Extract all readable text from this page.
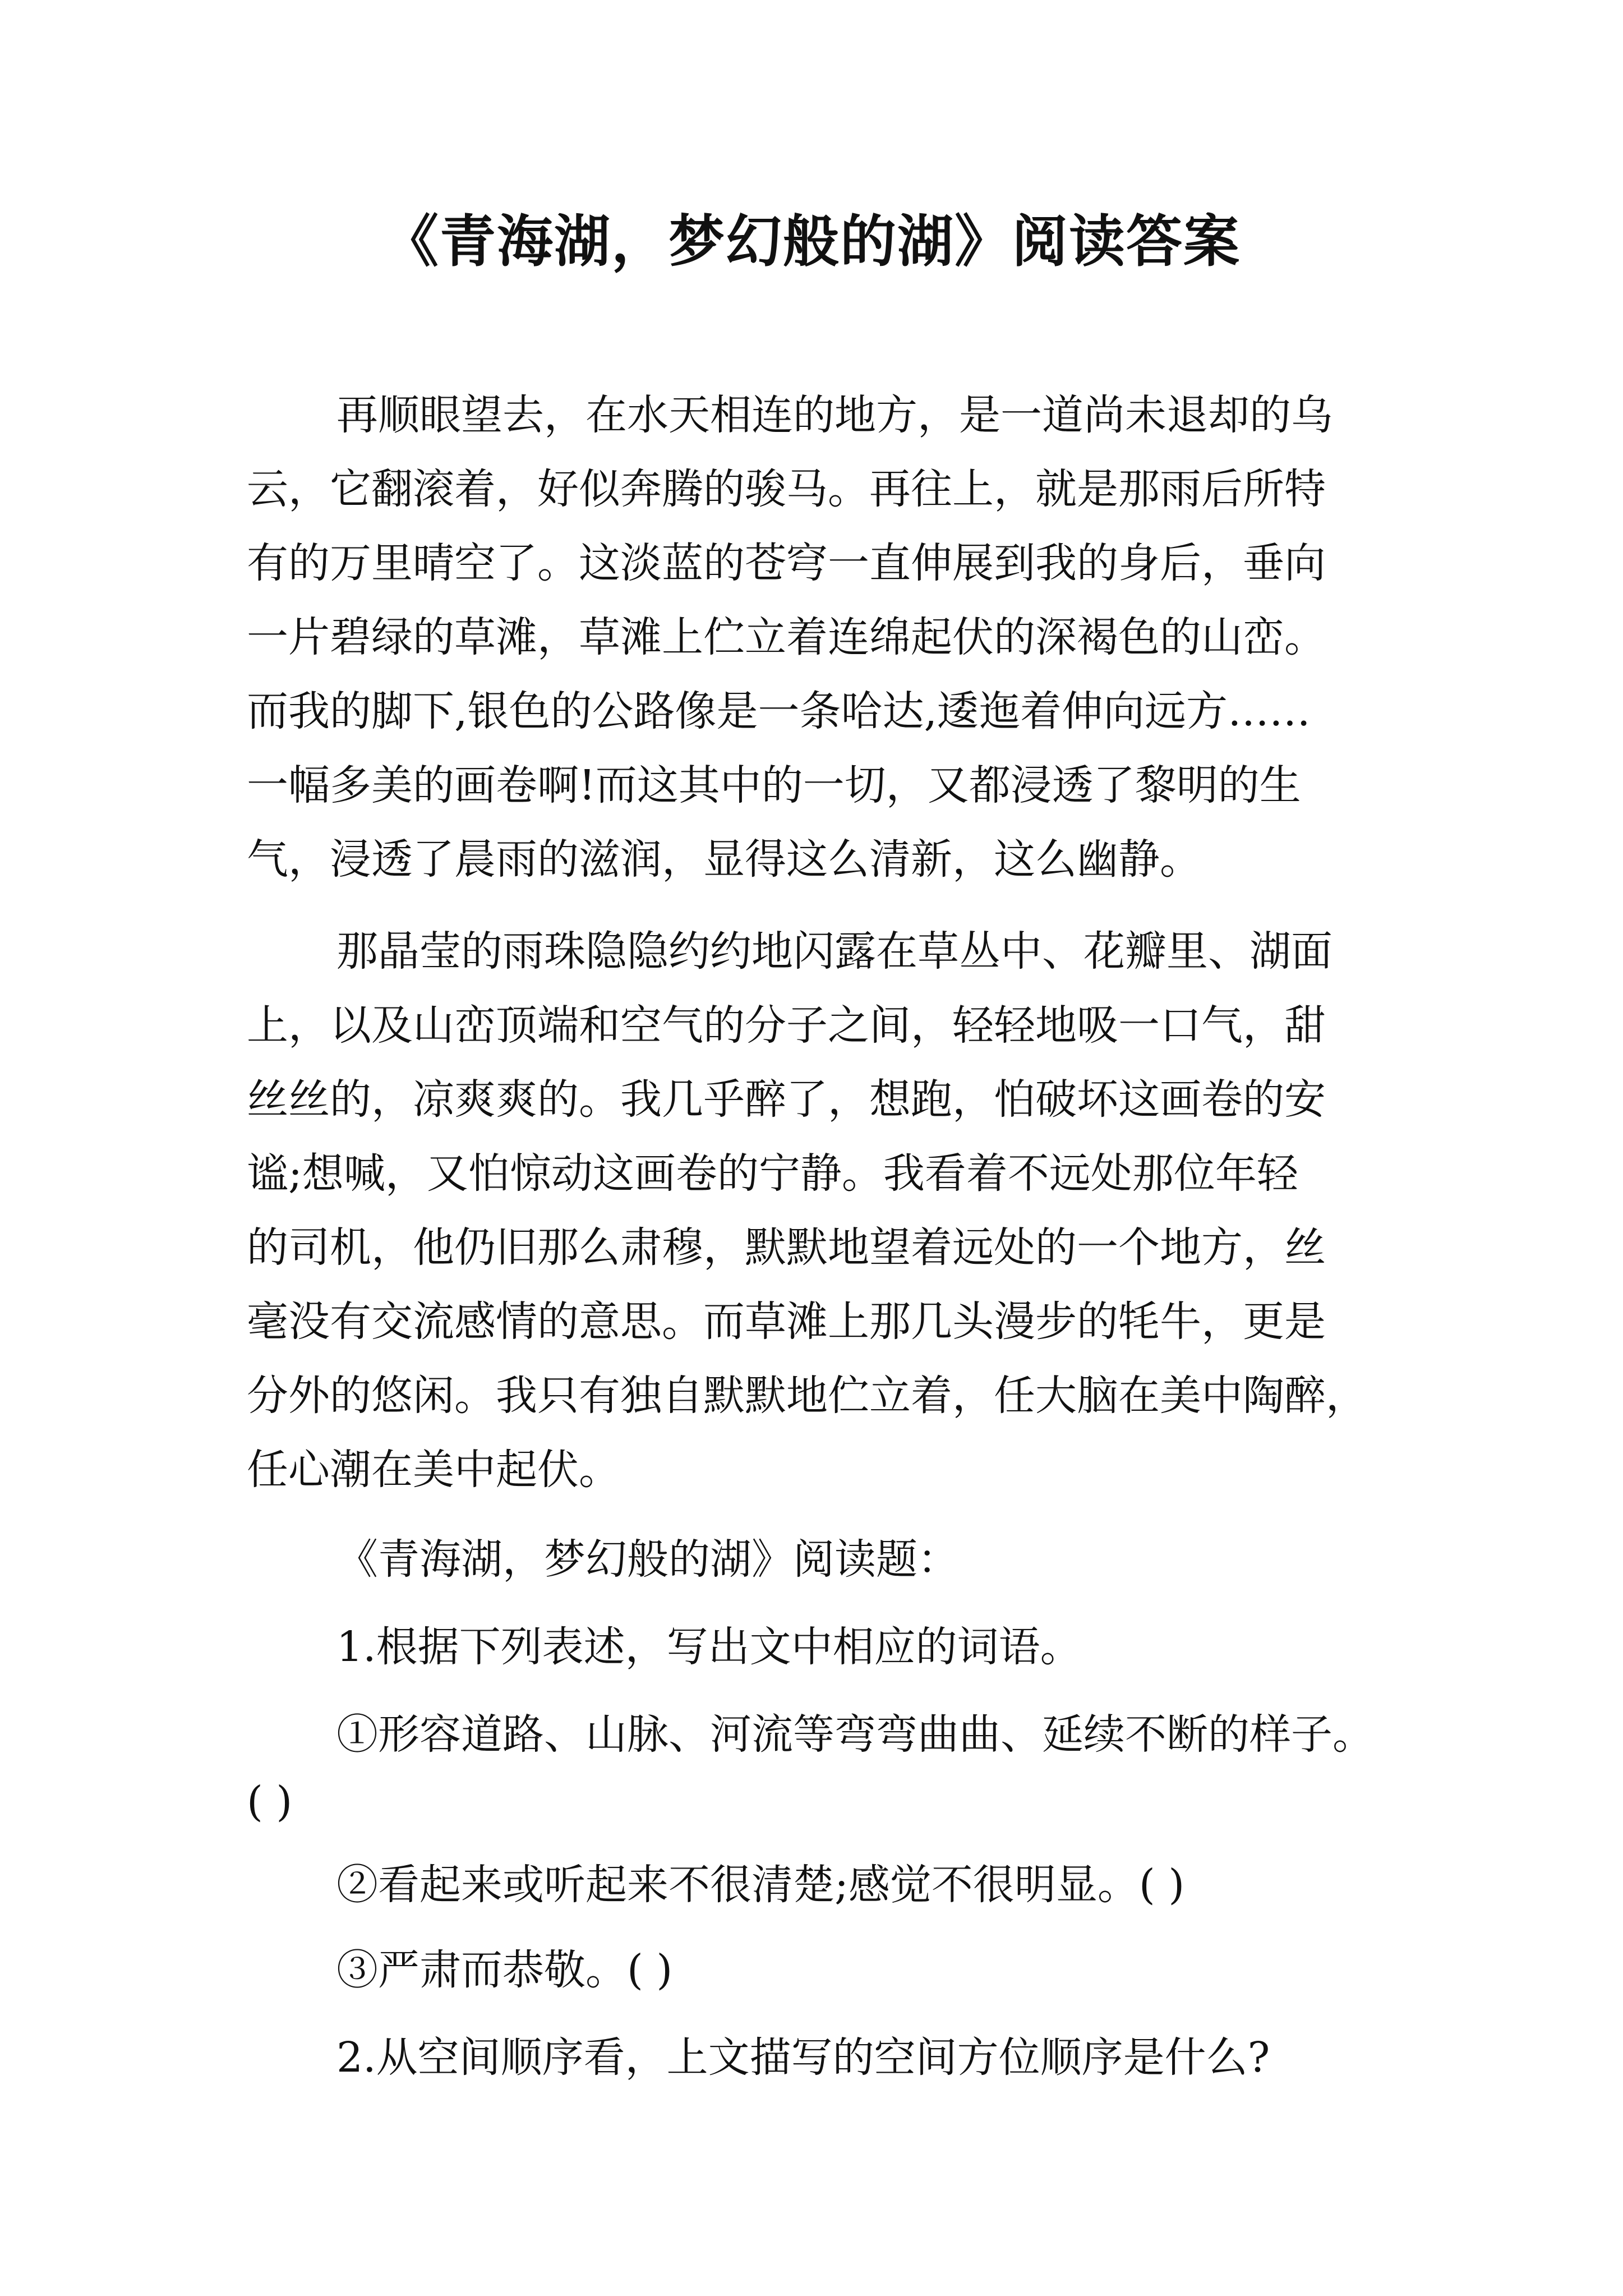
《青海湖，梦幻般的湖》阅读答案

再顺眼望去，在水天相连的地方，是一道尚未退却的乌

云，它翻滚着，好似奔腾的骏马。再往上，就是那雨后所特

有的万里晴空了。这淡蓝的苍穹一直伸展到我的身后，垂向

一片碧绿的草滩，草滩上伫立着连绵起伏的深褐色的山峦。

而我的脚下,银色的公路像是一条哈达,逶迤着伸向远方……

一幅多美的画卷啊!而这其中的一切，又都浸透了黎明的生

气，浸透了晨雨的滋润，显得这么清新，这么幽静。

那晶莹的雨珠隐隐约约地闪露在草丛中、花瓣里、湖面

上，以及山峦顶端和空气的分子之间，轻轻地吸一口气，甜

丝丝的，凉爽爽的。我几乎醉了，想跑，怕破坏这画卷的安

谧;想喊，又怕惊动这画卷的宁静。我看着不远处那位年轻

的司机，他仍旧那么肃穆，默默地望着远处的一个地方，丝

毫没有交流感情的意思。而草滩上那几头漫步的牦牛，更是

分外的悠闲。我只有独自默默地伫立着，任大脑在美中陶醉，

任心潮在美中起伏。

《青海湖，梦幻般的湖》阅读题：

1.根据下列表述，写出文中相应的词语。

①形容道路、山脉、河流等弯弯曲曲、延续不断的样子。

( )

②看起来或听起来不很清楚;感觉不很明显。( )

③严肃而恭敬。( )

2.从空间顺序看，上文描写的空间方位顺序是什么?
